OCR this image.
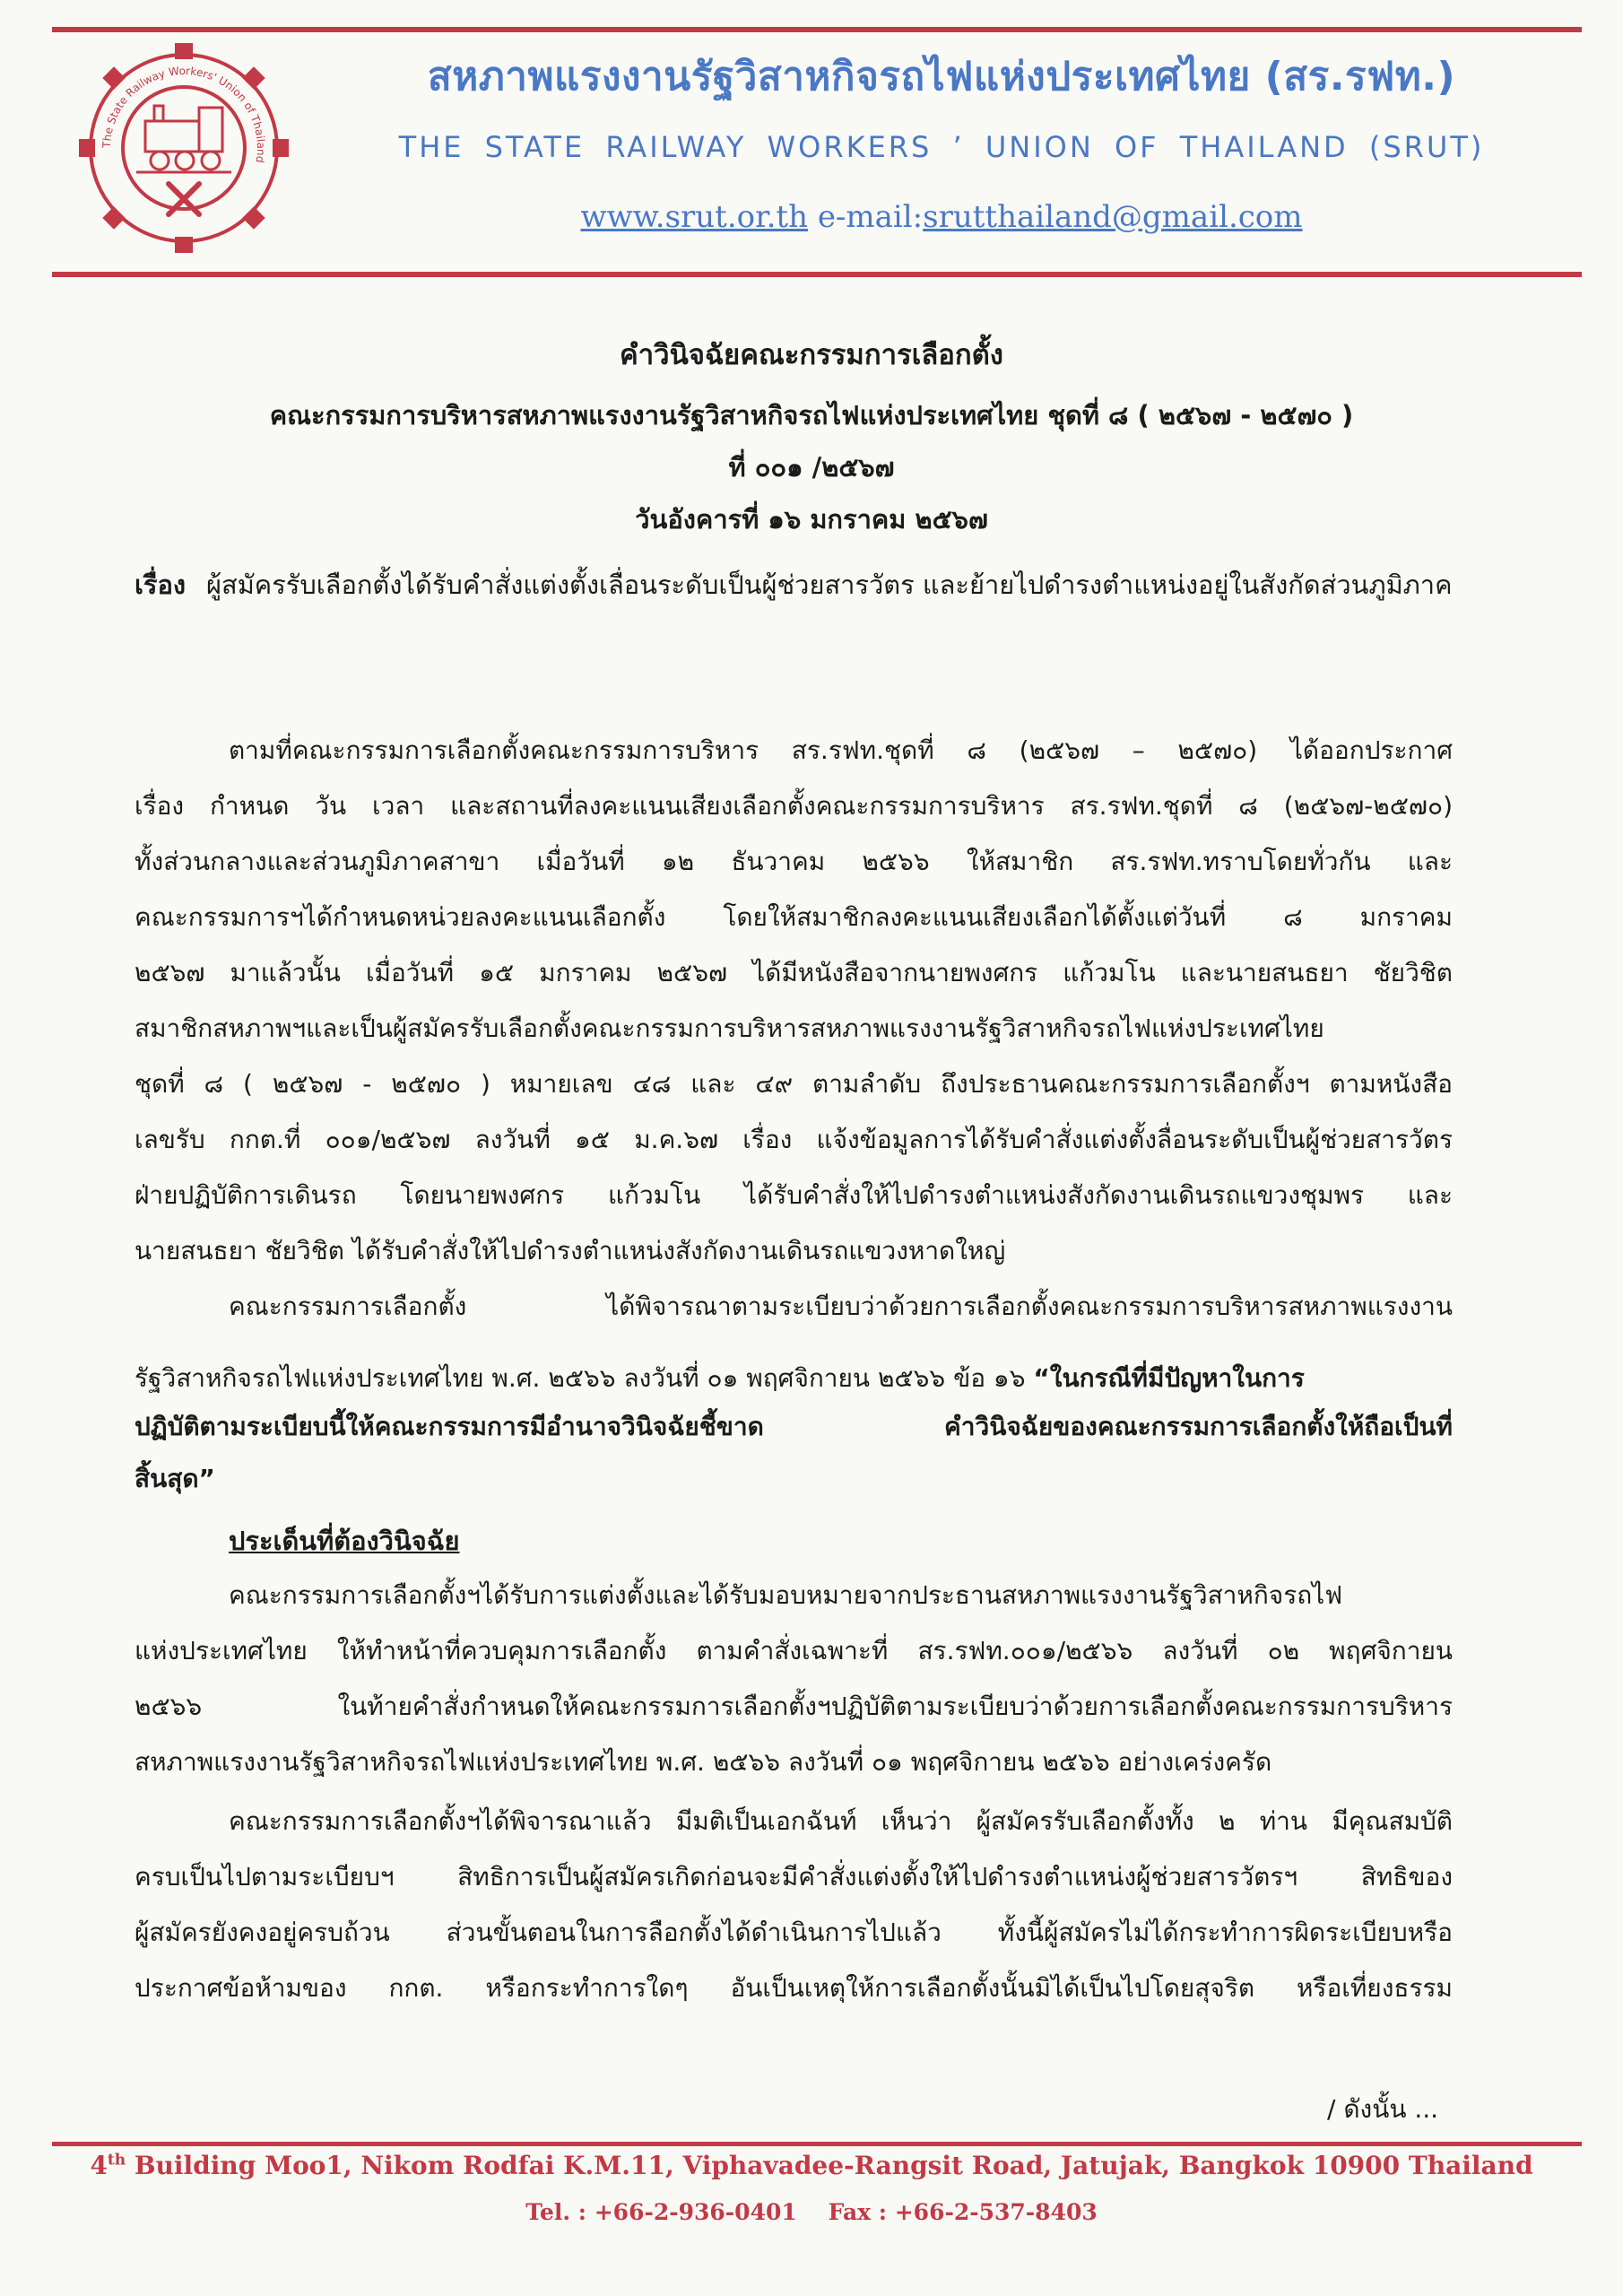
The State Railway Workers' Union of Thailand
สหภาพแรงงานรัฐวิสาหกิจรถไฟแห่งประเทศไทย (สร.รฟท.)
THE STATE RAILWAY WORKERS ’ UNION OF THAILAND (SRUT)
www.srut.or.th e-mail:srutthailand@gmail.com
คำวินิจฉัยคณะกรรมการเลือกตั้ง
คณะกรรมการบริหารสหภาพแรงงานรัฐวิสาหกิจรถไฟแห่งประเทศไทย ชุดที่ ๘ ( ๒๕๖๗ - ๒๕๗๐ )
ที่ ๐๐๑ /๒๕๖๗
วันอังคารที่ ๑๖ มกราคม ๒๕๖๗
เรื่อง ผู้สมัครรับเลือกตั้งได้รับคำสั่งแต่งตั้งเลื่อนระดับเป็นผู้ช่วยสารวัตร และย้ายไปดำรงตำแหน่งอยู่ในสังกัดส่วนภูมิภาค
ตามที่คณะกรรมการเลือกตั้งคณะกรรมการบริหาร สร.รฟท.ชุดที่ ๘ (๒๕๖๗ – ๒๕๗๐) ได้ออกประกาศ
เรื่อง กำหนด วัน เวลา และสถานที่ลงคะแนนเสียงเลือกตั้งคณะกรรมการบริหาร สร.รฟท.ชุดที่ ๘ (๒๕๖๗-๒๕๗๐)
ทั้งส่วนกลางและส่วนภูมิภาคสาขา เมื่อวันที่ ๑๒ ธันวาคม ๒๕๖๖ ให้สมาชิก สร.รฟท.ทราบโดยทั่วกัน และ
คณะกรรมการฯได้กำหนดหน่วยลงคะแนนเลือกตั้ง โดยให้สมาชิกลงคะแนนเสียงเลือกได้ตั้งแต่วันที่ ๘ มกราคม
๒๕๖๗ มาแล้วนั้น เมื่อวันที่ ๑๕ มกราคม ๒๕๖๗ ได้มีหนังสือจากนายพงศกร แก้วมโน และนายสนธยา ชัยวิชิต
สมาชิกสหภาพฯและเป็นผู้สมัครรับเลือกตั้งคณะกรรมการบริหารสหภาพแรงงานรัฐวิสาหกิจรถไฟแห่งประเทศไทย
ชุดที่ ๘ ( ๒๕๖๗ - ๒๕๗๐ ) หมายเลข ๔๘ และ ๔๙ ตามลำดับ ถึงประธานคณะกรรมการเลือกตั้งฯ ตามหนังสือ
เลขรับ กกต.ที่ ๐๐๑/๒๕๖๗ ลงวันที่ ๑๕ ม.ค.๖๗ เรื่อง แจ้งข้อมูลการได้รับคำสั่งแต่งตั้งลื่อนระดับเป็นผู้ช่วยสารวัตร
ฝ่ายปฏิบัติการเดินรถ โดยนายพงศกร แก้วมโน ได้รับคำสั่งให้ไปดำรงตำแหน่งสังกัดงานเดินรถแขวงชุมพร และ
นายสนธยา ชัยวิชิต ได้รับคำสั่งให้ไปดำรงตำแหน่งสังกัดงานเดินรถแขวงหาดใหญ่
คณะกรรมการเลือกตั้ง ได้พิจารณาตามระเบียบว่าด้วยการเลือกตั้งคณะกรรมการบริหารสหภาพแรงงาน
รัฐวิสาหกิจรถไฟแห่งประเทศไทย พ.ศ. ๒๕๖๖ ลงวันที่ ๐๑ พฤศจิกายน ๒๕๖๖ ข้อ ๑๖ “ในกรณีที่มีปัญหาในการ
ปฏิบัติตามระเบียบนี้ให้คณะกรรมการมีอำนาจวินิจฉัยชี้ขาด คำวินิจฉัยของคณะกรรมการเลือกตั้งให้ถือเป็นที่
สิ้นสุด”
ประเด็นที่ต้องวินิจฉัย
คณะกรรมการเลือกตั้งฯได้รับการแต่งตั้งและได้รับมอบหมายจากประธานสหภาพแรงงานรัฐวิสาหกิจรถไฟ
แห่งประเทศไทย ให้ทำหน้าที่ควบคุมการเลือกตั้ง ตามคำสั่งเฉพาะที่ สร.รฟท.๐๐๑/๒๕๖๖ ลงวันที่ ๐๒ พฤศจิกายน
๒๕๖๖ ในท้ายคำสั่งกำหนดให้คณะกรรมการเลือกตั้งฯปฏิบัติตามระเบียบว่าด้วยการเลือกตั้งคณะกรรมการบริหาร
สหภาพแรงงานรัฐวิสาหกิจรถไฟแห่งประเทศไทย พ.ศ. ๒๕๖๖ ลงวันที่ ๐๑ พฤศจิกายน ๒๕๖๖ อย่างเคร่งครัด
คณะกรรมการเลือกตั้งฯได้พิจารณาแล้ว มีมติเป็นเอกฉันท์ เห็นว่า ผู้สมัครรับเลือกตั้งทั้ง ๒ ท่าน มีคุณสมบัติ
ครบเป็นไปตามระเบียบฯ สิทธิการเป็นผู้สมัครเกิดก่อนจะมีคำสั่งแต่งตั้งให้ไปดำรงตำแหน่งผู้ช่วยสารวัตรฯ สิทธิของ
ผู้สมัครยังคงอยู่ครบถ้วน ส่วนขั้นตอนในการลือกตั้งได้ดำเนินการไปแล้ว ทั้งนี้ผู้สมัครไม่ได้กระทำการผิดระเบียบหรือ
ประกาศข้อห้ามของ กกต. หรือกระทำการใดๆ อันเป็นเหตุให้การเลือกตั้งนั้นมิได้เป็นไปโดยสุจริต หรือเที่ยงธรรม
/ ดังนั้น ...
4th Building Moo1, Nikom Rodfai K.M.11, Viphavadee-Rangsit Road, Jatujak, Bangkok 10900 Thailand
Tel. : +66-2-936-0401 Fax : +66-2-537-8403
